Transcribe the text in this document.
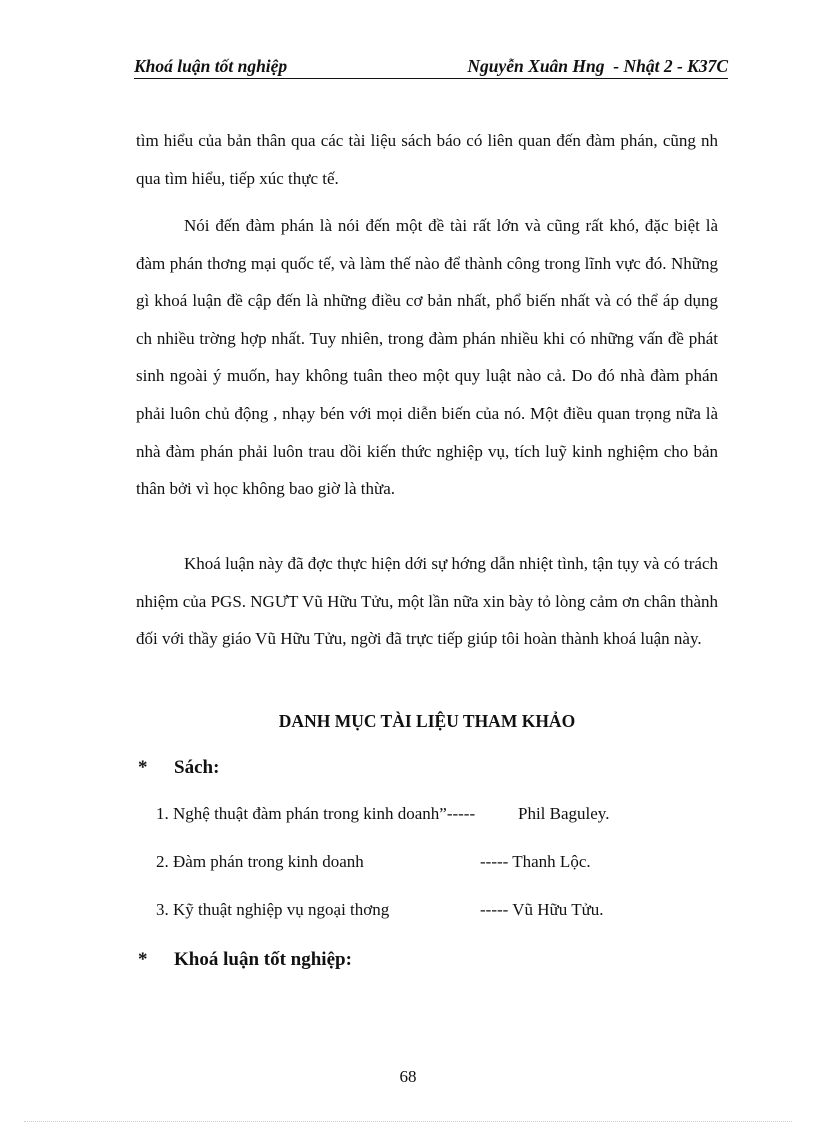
Khoá luận tốt nghiệp	Nguyễn Xuân Hng  - Nhật 2 - K37C

tìm hiểu của bản thân qua các tài liệu sách báo có liên quan đến đàm phán, cũng nh qua tìm hiểu, tiếp xúc thực tế.

Nói đến đàm phán là nói đến một đề tài rất lớn và cũng rất khó, đặc biệt là đàm phán thơng mại quốc tế, và làm thế nào để thành công trong lĩnh vực đó. Những gì khoá luận đề cập đến là những điều cơ bản nhất, phổ biến nhất và có thể áp dụng ch nhiều trờng hợp nhất. Tuy nhiên, trong đàm phán nhiều khi có những vấn đề phát sinh ngoài ý muốn, hay không tuân theo một quy luật nào cả. Do đó nhà đàm phán phải luôn chủ động , nhạy bén với mọi diễn biến của nó. Một điều quan trọng nữa là nhà đàm phán phải luôn trau dồi kiến thức nghiệp vụ, tích luỹ kinh nghiệm cho bản thân bởi vì học không bao giờ là thừa.

Khoá luận này đã đợc thực hiện dới sự hớng dẫn nhiệt tình, tận tụy và có trách nhiệm của PGS. NGƯT Vũ Hữu Tửu, một lần nữa xin bày tỏ lòng cảm ơn chân thành đối với thầy giáo Vũ Hữu Tửu, ngời đã trực tiếp giúp tôi hoàn thành khoá luận này.

DANH MỤC TÀI LIỆU THAM KHẢO
* Sách:
1. Nghệ thuật đàm phán trong kinh doanh”-----	Phil Baguley.
2. Đàm phán trong kinh doanh	----- Thanh Lộc.
3. Kỹ thuật nghiệp vụ ngoại thơng	----- Vũ Hữu Tửu.
* Khoá luận tốt nghiệp:

68
